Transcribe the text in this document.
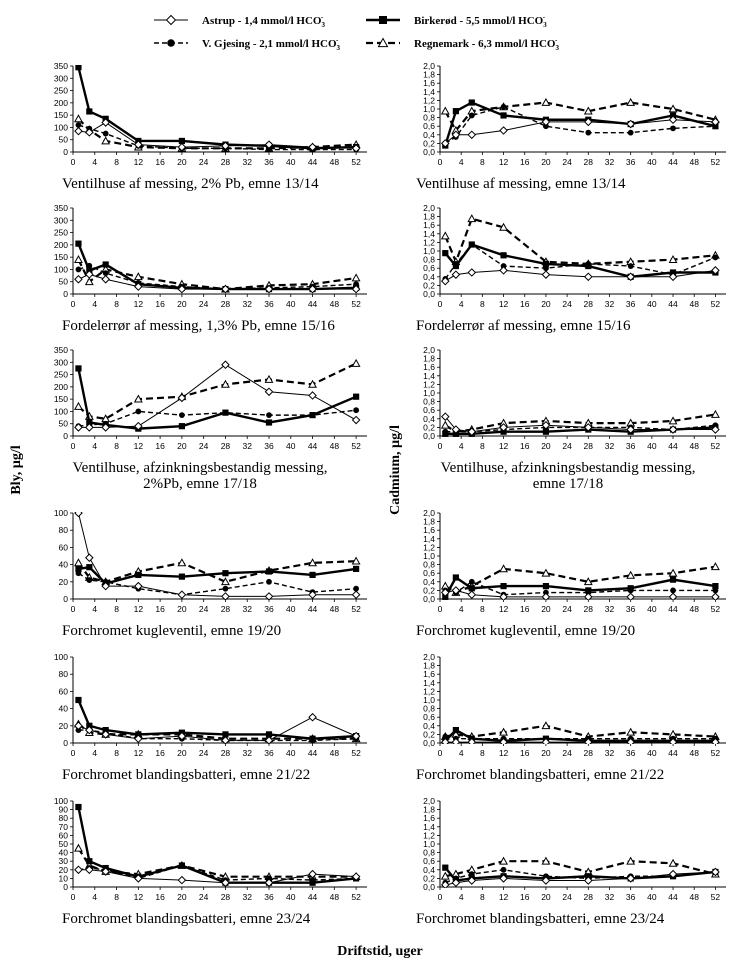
Astrup - 1,4 mmol/l $HCO_3-$	Birkerød - 5,5 mmol/l $HCO_3-$
V. Gjesing - 2,1 mmol/l $HCO_3-$	Regnemark - 6,3 mmol/l $HCO_3-$
0
50
100
150
200
250
300
350
0 4 8 12 16 20 24 28 32 36 40 44 48 52
Ventilhuse af messing, 2% Pb, emne 13/14
0,0
0,2
0,4
0,6
0,8
1,0
1,2
1,4
1,6
1,8
2,0
0 4 8 12 16 20 24 28 32 36 40 44 48 52
Ventilhuse af messing, emne 13/14
0
50
100
150
200
250
300
350
0 4 8 12 16 20 24 28 32 36 40 44 48 52
Fordelerrør af messing, 1,3% Pb, emne 15/16
0,0
0,2
0,4
0,6
0,8
1,0
1,2
1,4
1,6
1,8
2,0
0 4 8 12 16 20 24 28 32 36 40 44 48 52
Fordelerrør af messing, emne 15/16
0
50
100
150
200
250
300
350
0 4 8 12 16 20 24 28 32 36 40 44 48 52
Ventilhuse, afzinkningsbestandig messing,
2%Pb, emne 17/18
0,0
0,2
0,4
0,6
0,8
1,0
1,2
1,4
1,6
1,8
2,0
0 4 8 12 16 20 24 28 32 36 40 44 48 52
Ventilhuse, afzinkningsbestandig messing,
emne 17/18
0
20
40
60
80
100
0 4 8 12 16 20 24 28 32 36 40 44 48 52
Forchromet kugleventil, emne 19/20
0,0
0,2
0,4
0,6
0,8
1,0
1,2
1,4
1,6
1,8
2,0
0 4 8 12 16 20 24 28 32 36 40 44 48 52
Forchromet kugleventil, emne 19/20
0
20
40
60
80
100
0 4 8 12 16 20 24 28 32 36 40 44 48 52
Forchromet blandingsbatteri, emne 21/22
0,0
0,2
0,4
0,6
0,8
1,0
1,2
1,4
1,6
1,8
2,0
0 4 8 12 16 20 24 28 32 36 40 44 48 52
Forchromet blandingsbatteri, emne 21/22
0
10
20
30
40
50
60
70
80
90
100
0 4 8 12 16 20 24 28 32 36 40 44 48 52
Forchromet blandingsbatteri, emne 23/24
0,0
0,2
0,4
0,6
0,8
1,0
1,2
1,4
1,6
1,8
2,0
0 4 8 12 16 20 24 28 32 36 40 44 48 52
Forchromet blandingsbatteri, emne 23/24
Bly, µg/l	Cadmium, µg/l
Driftstid, uger
